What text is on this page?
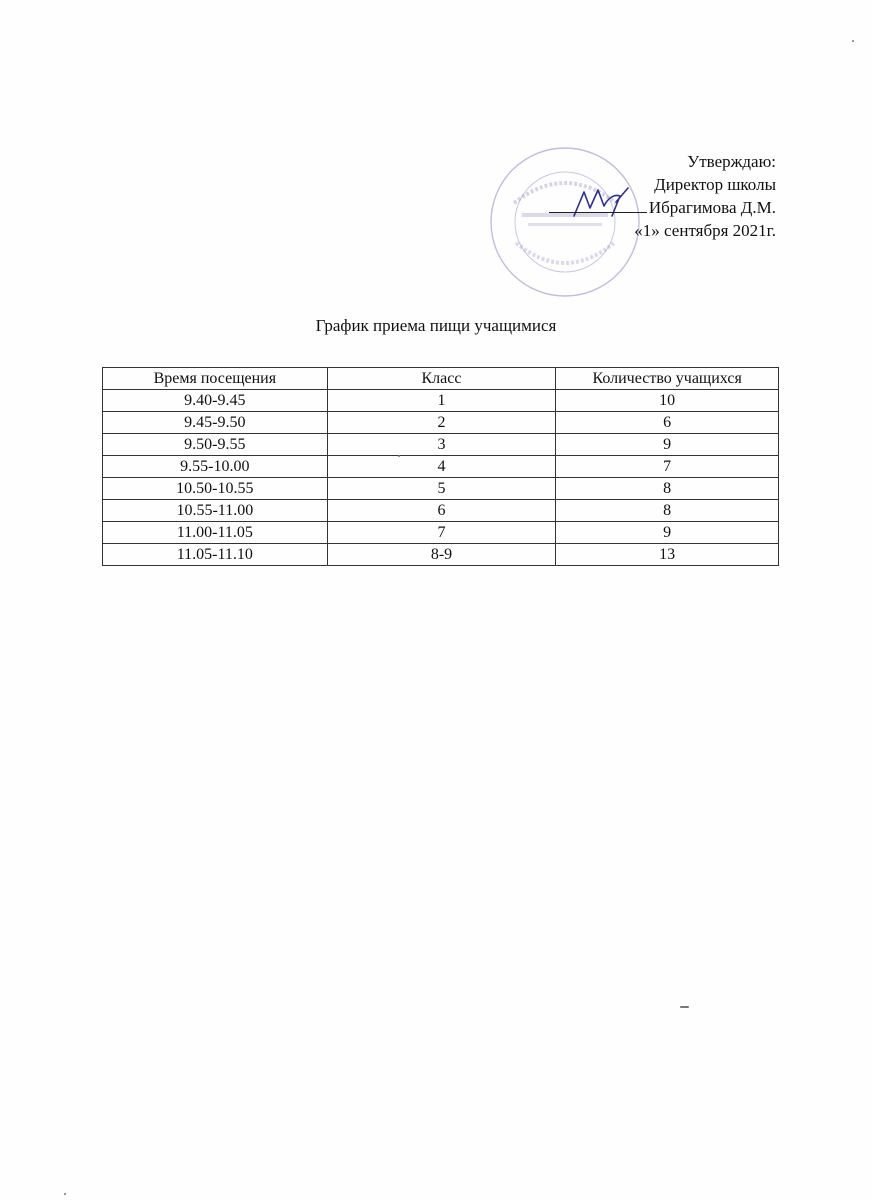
Утверждаю:
Директор школы
Ибрагимова Д.М.
«1» сентября 2021г.
График приема пищи учащимися
Время посещения	Класс	Количество учащихся
9.40-9.45	1	10
9.45-9.50	2	6
9.50-9.55	3	9
9.55-10.00	4	7
10.50-10.55	5	8
10.55-11.00	6	8
11.00-11.05	7	9
11.05-11.10	8-9	13
